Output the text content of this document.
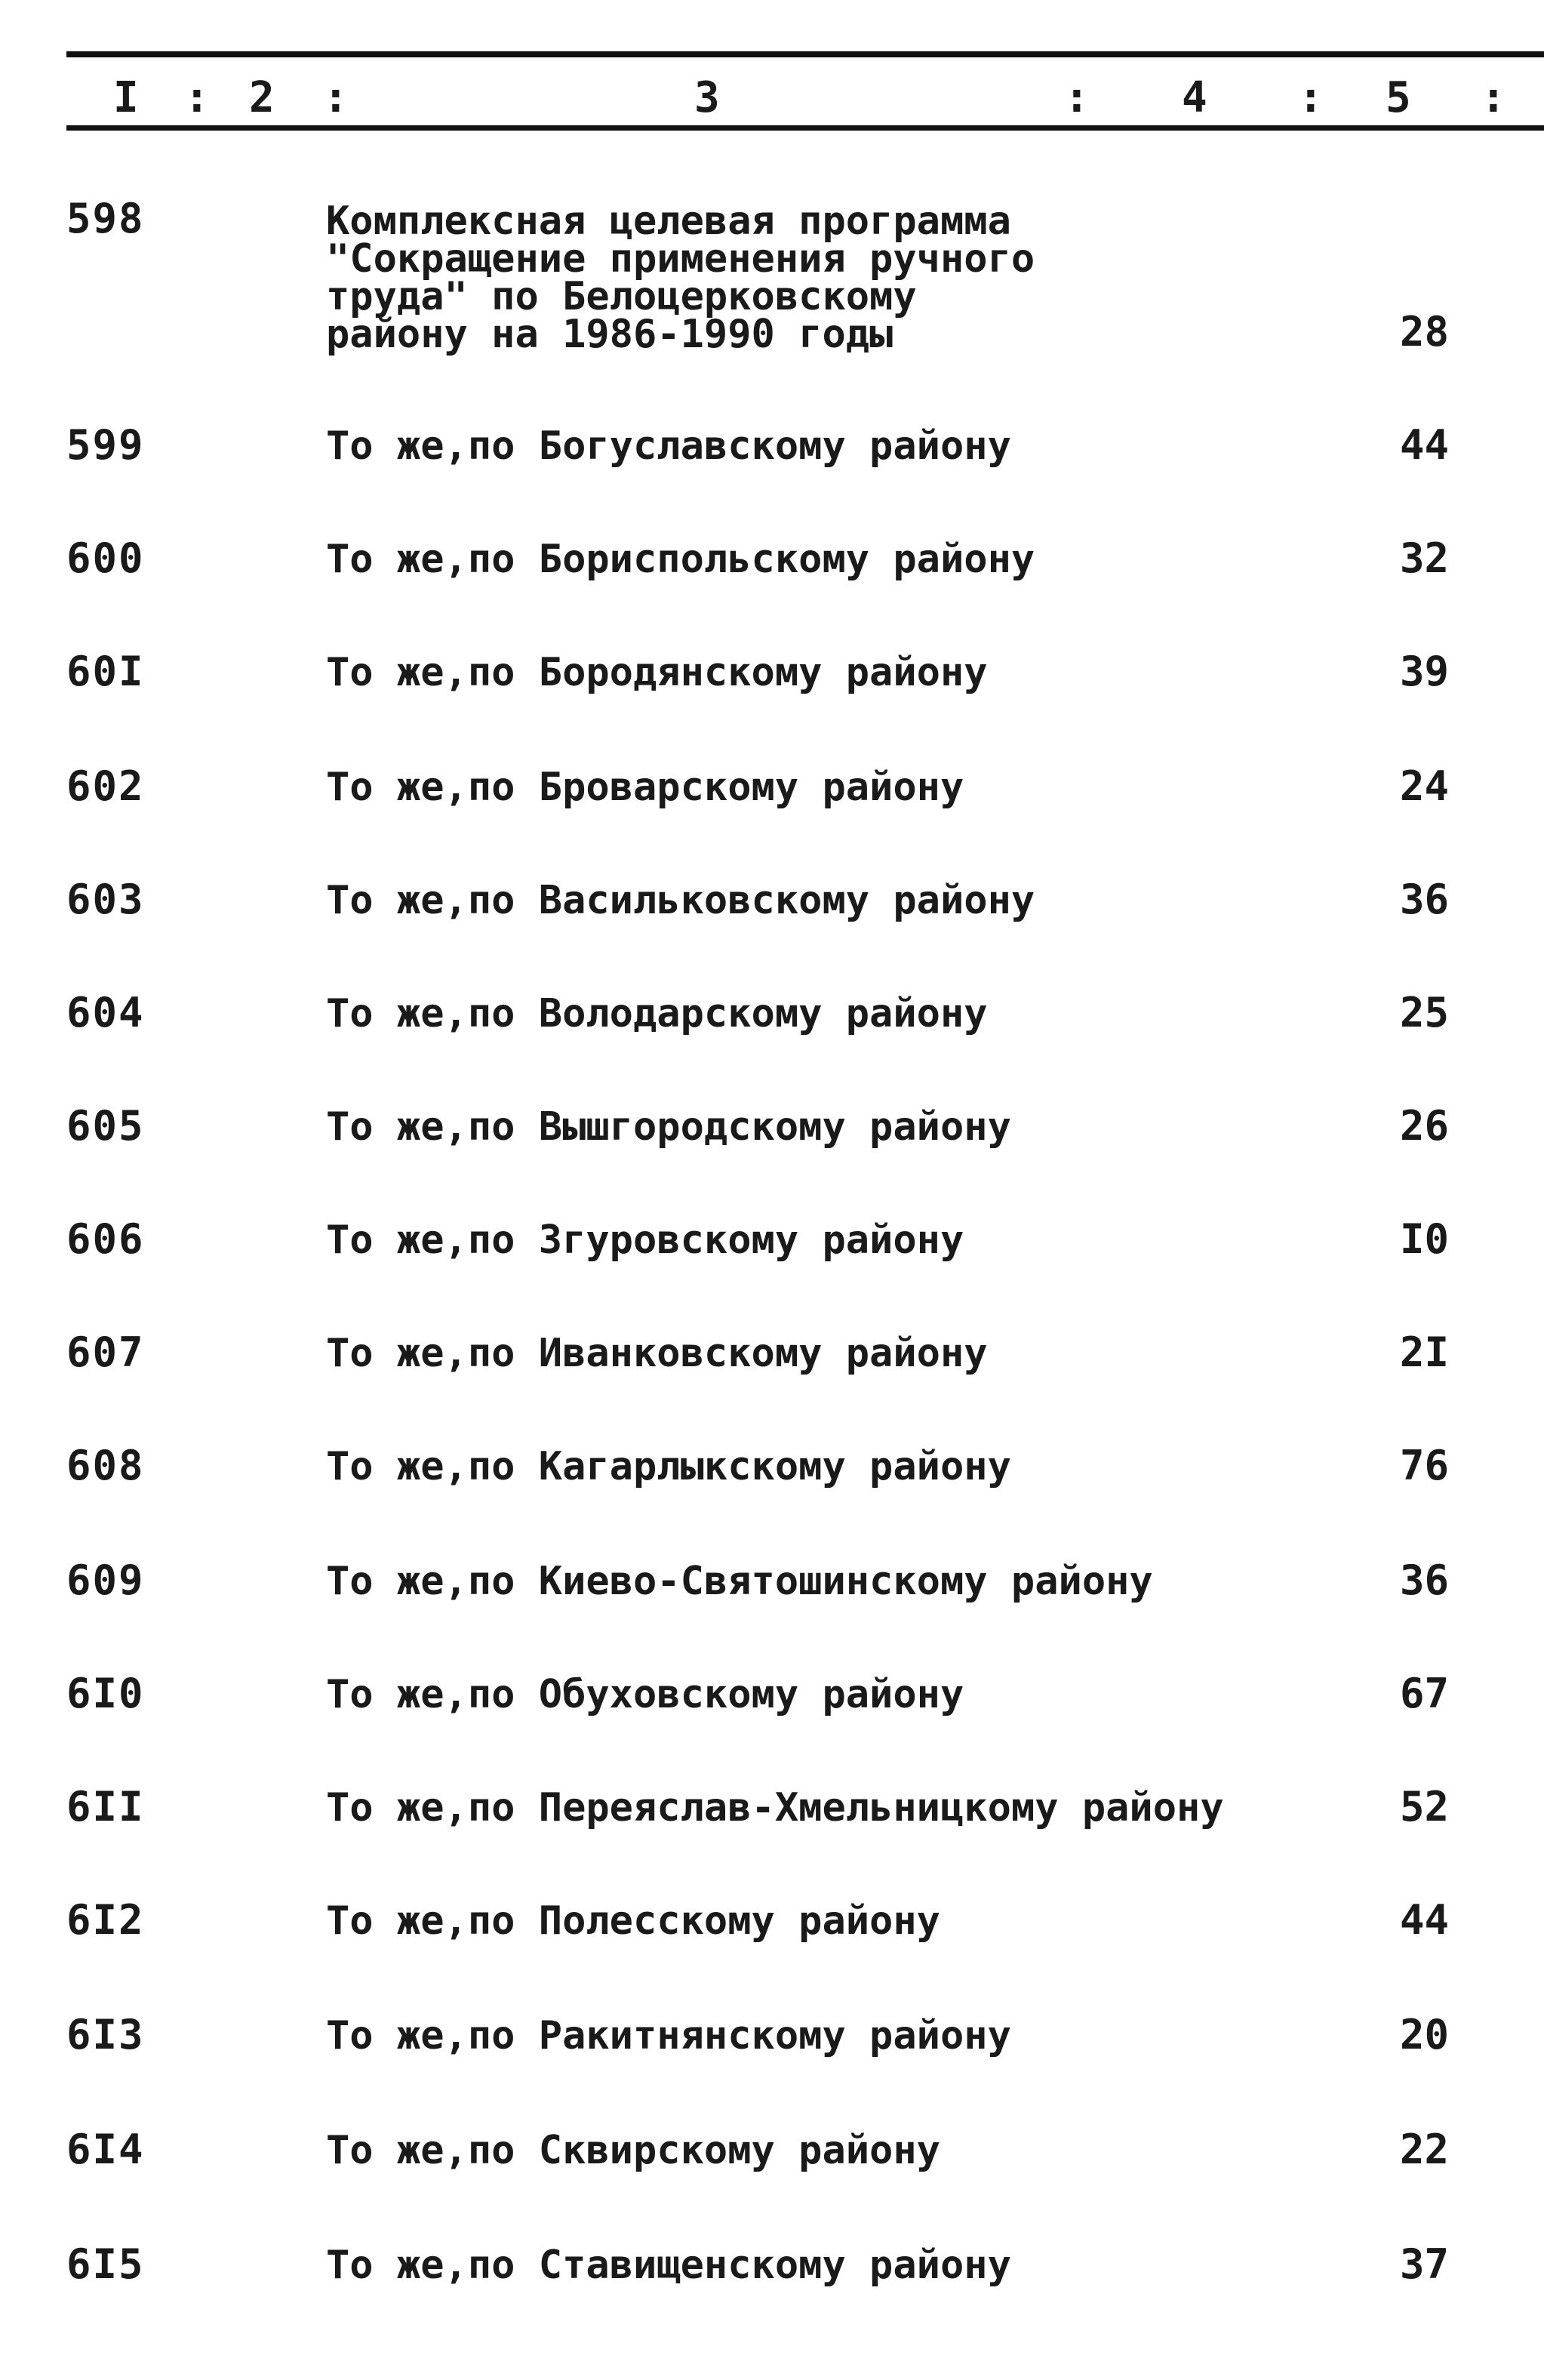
I : 2 :	3	: 4 : 5 :
598	Комплексная целевая программа
"Сокращение применения ручного
труда" по Белоцерковскому
району на 1986-1990 годы	28
599	То же,по Богуславскому району	44
600	То же,по Бориспольскому району	32
60I	То же,по Бородянскому району	39
602	То же,по Броварскому району	24
603	То же,по Васильковскому району	36
604	То же,по Володарскому району	25
605	То же,по Вышгородскому району	26
606	То же,по Згуровскому району	I0
607	То же,по Иванковскому району	2I
608	То же,по Кагарлыкскому району	76
609	То же,по Киево-Святошинскому району	36
6I0	То же,по Обуховскому району	67
6II	То же,по Переяслав-Хмельницкому району	52
6I2	То же,по Полесскому району	44
6I3	То же,по Ракитнянскому району	20
6I4	То же,по Сквирскому району	22
6I5	То же,по Ставищенскому району	37
